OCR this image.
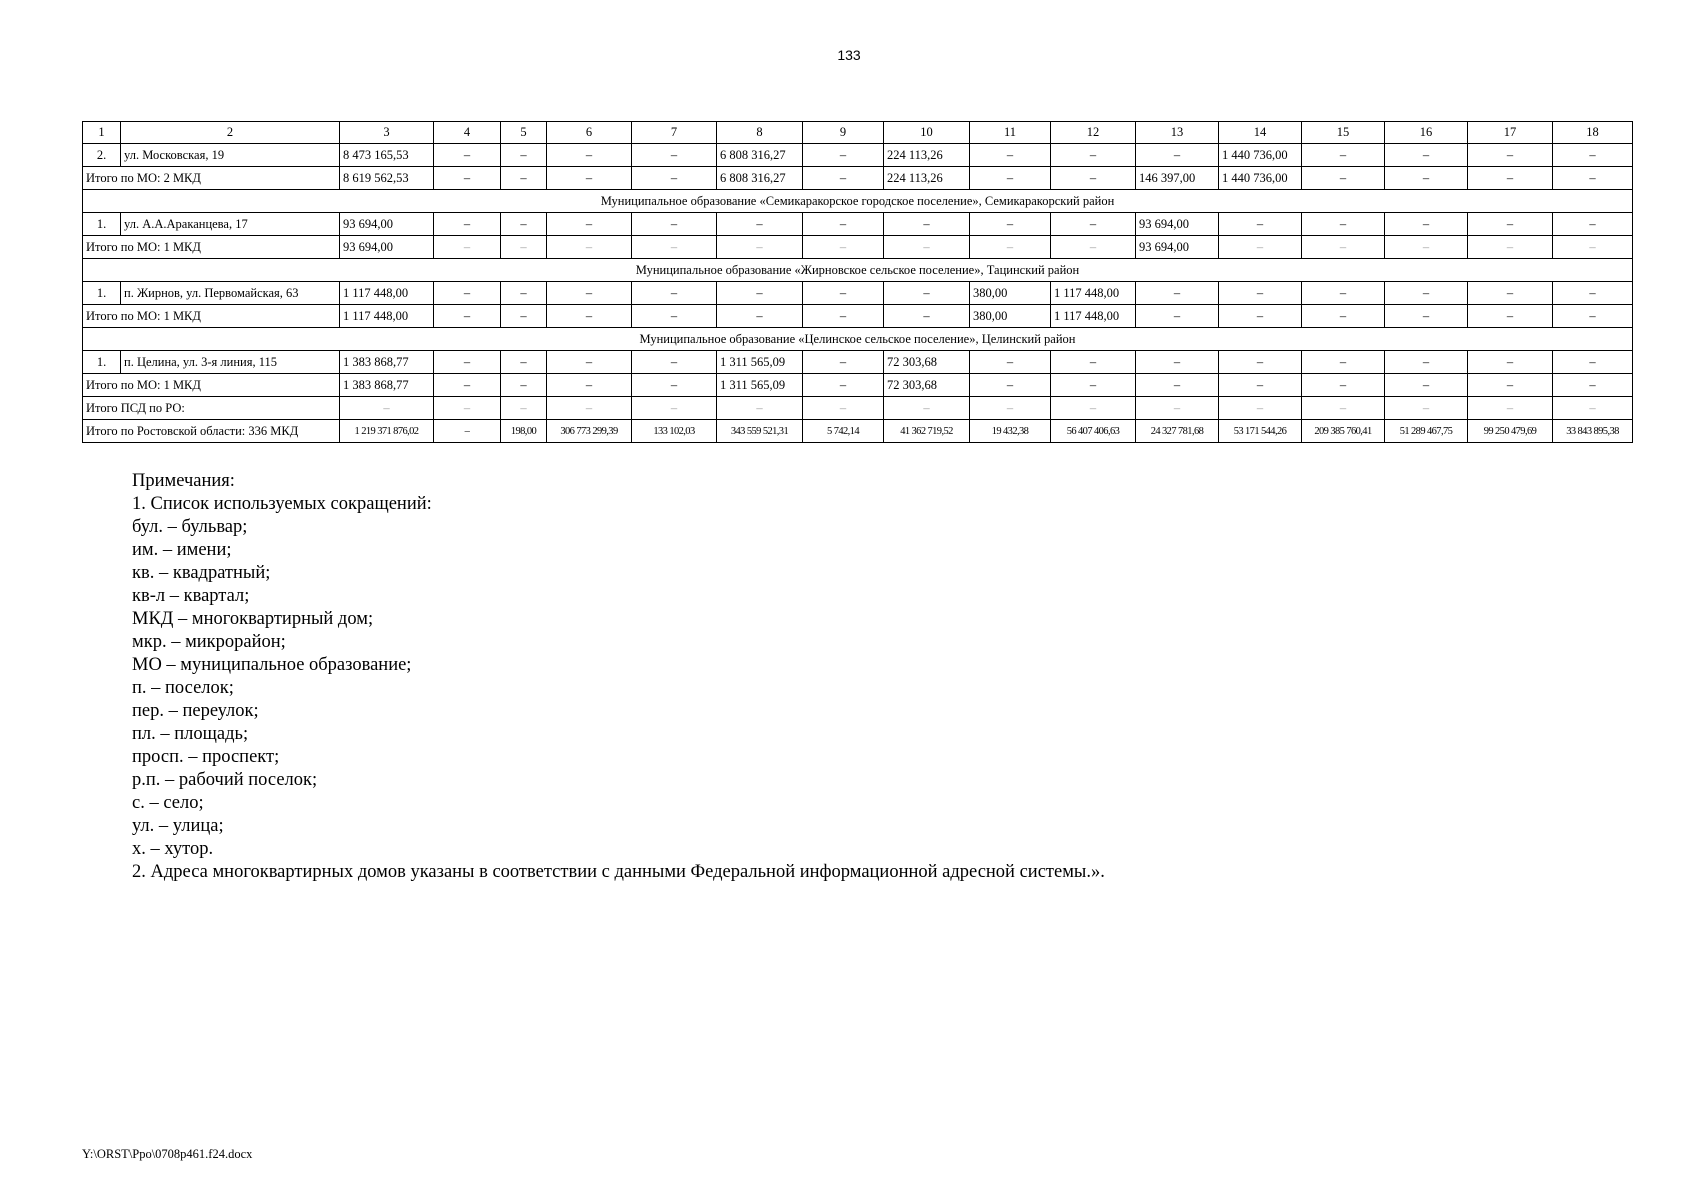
133
1	2	3	4	5	6	7	8	9	10	11	12	13	14	15	16	17	18
2.	ул. Московская, 19	8 473 165,53	–	–	–	–	6 808 316,27	–	224 113,26	–	–	–	1 440 736,00	–	–	–	–
Итого по МО: 2 МКД		8 619 562,53	–	–	–	–	6 808 316,27	–	224 113,26	–	–	146 397,00	1 440 736,00	–	–	–	–
Муниципальное образование «Семикаракорское городское поселение», Семикаракорский район																	
1.	ул. А.А.Араканцева, 17	93 694,00	–	–	–	–	–	–	–	–	–	93 694,00	–	–	–	–	–
Итого по МО: 1 МКД		93 694,00	–	–	–	–	–	–	–	–	–	93 694,00	–	–	–	–	–
Муниципальное образование «Жирновское сельское поселение», Тацинский район																	
1.	п. Жирнов, ул. Первомайская, 63	1 117 448,00	–	–	–	–	–	–	–	380,00	1 117 448,00	–	–	–	–	–	–
Итого по МО: 1 МКД		1 117 448,00	–	–	–	–	–	–	–	380,00	1 117 448,00	–	–	–	–	–	–
Муниципальное образование «Целинское сельское поселение», Целинский район																	
1.	п. Целина, ул. 3-я линия, 115	1 383 868,77	–	–	–	–	1 311 565,09	–	72 303,68	–	–	–	–	–	–	–	–
Итого по МО: 1 МКД		1 383 868,77	–	–	–	–	1 311 565,09	–	72 303,68	–	–	–	–	–	–	–	–
Итого ПСД по РО:		–	–	–	–	–	–	–	–	–	–	–	–	–	–	–	–
Итого по Ростовской области: 336 МКД		1 219 371 876,02	–	198,00	306 773 299,39	133 102,03	343 559 521,31	5 742,14	41 362 719,52	19 432,38	56 407 406,63	24 327 781,68	53 171 544,26	209 385 760,41	51 289 467,75	99 250 479,69	33 843 895,38
Примечания:
1. Список используемых сокращений:
бул. – бульвар;
им. – имени;
кв. – квадратный;
кв-л – квартал;
МКД – многоквартирный дом;
мкр. – микрорайон;
МО – муниципальное образование;
п. – поселок;
пер. – переулок;
пл. – площадь;
просп. – проспект;
р.п. – рабочий поселок;
с. – село;
ул. – улица;
х. – хутор.
2. Адреса многоквартирных домов указаны в соответствии с данными Федеральной информационной адресной системы.».
Y:\ORST\Ppo\0708p461.f24.docx
